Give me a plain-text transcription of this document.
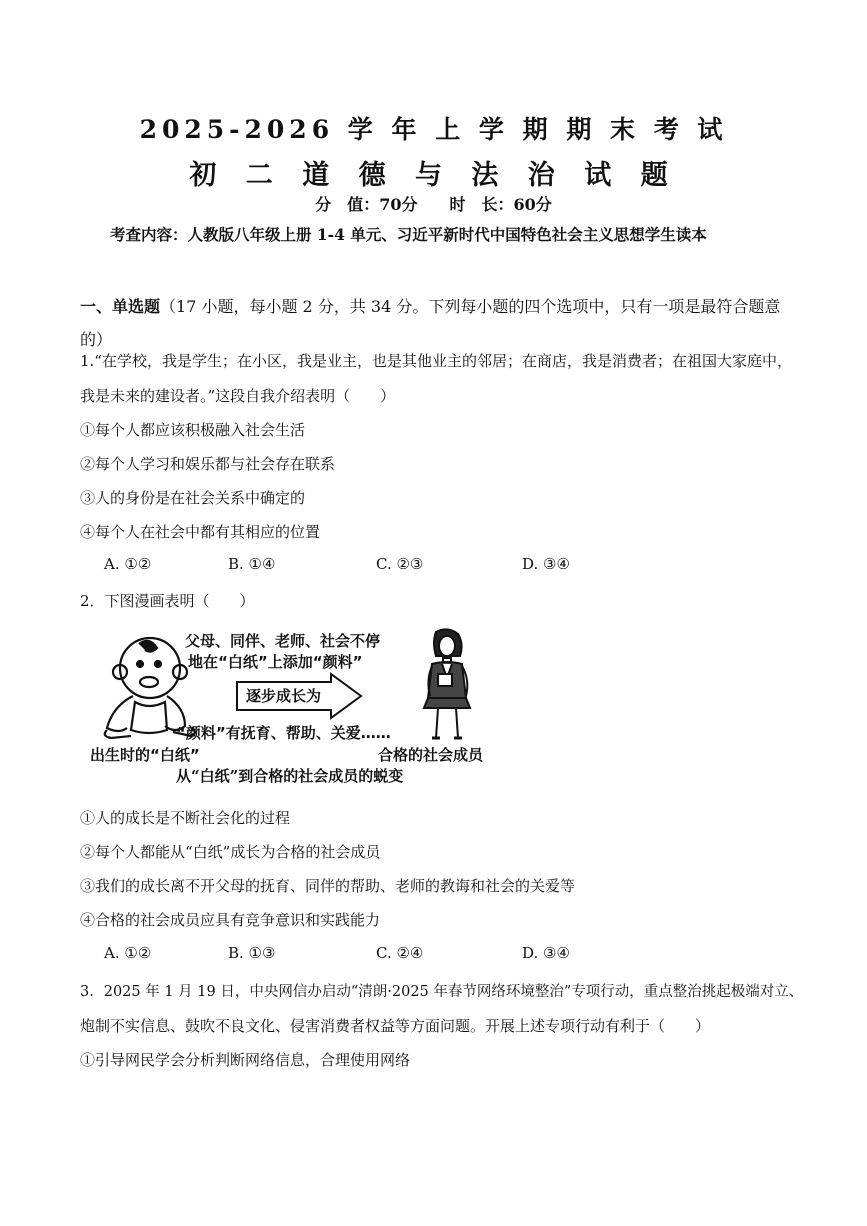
2025-2026 学 年 上 学 期 期 末 考 试
初 二 道 德 与 法 治 试 题
分　值：70分　　时　长：60分
考查内容：人教版八年级上册 1-4 单元、习近平新时代中国特色社会主义思想学生读本
一、单选题（17 小题，每小题 2 分，共 34 分。下列每小题的四个选项中，只有一项是最符合题意的）
1.“在学校，我是学生；在小区，我是业主，也是其他业主的邻居；在商店，我是消费者；在祖国大家庭中，
我是未来的建设者。”这段自我介绍表明（　　）
①每个人都应该积极融入社会生活
②每个人学习和娱乐都与社会存在联系
③人的身份是在社会关系中确定的
④每个人在社会中都有其相应的位置
A. ①②	B. ①④	C. ②③	D. ③④
2．下图漫画表明（　　）
父母、同伴、老师、社会不停
地在“白纸”上添加“颜料”
逐步成长为
“颜料”有抚育、帮助、关爱……
出生时的“白纸”	合格的社会成员
从“白纸”到合格的社会成员的蜕变
①人的成长是不断社会化的过程
②每个人都能从“白纸”成长为合格的社会成员
③我们的成长离不开父母的抚育、同伴的帮助、老师的教诲和社会的关爱等
④合格的社会成员应具有竞争意识和实践能力
A. ①②	B. ①③	C. ②④	D. ③④
3．2025 年 1 月 19 日，中央网信办启动“清朗·2025 年春节网络环境整治”专项行动，重点整治挑起极端对立、
炮制不实信息、鼓吹不良文化、侵害消费者权益等方面问题。开展上述专项行动有利于（　　）
①引导网民学会分析判断网络信息，合理使用网络
